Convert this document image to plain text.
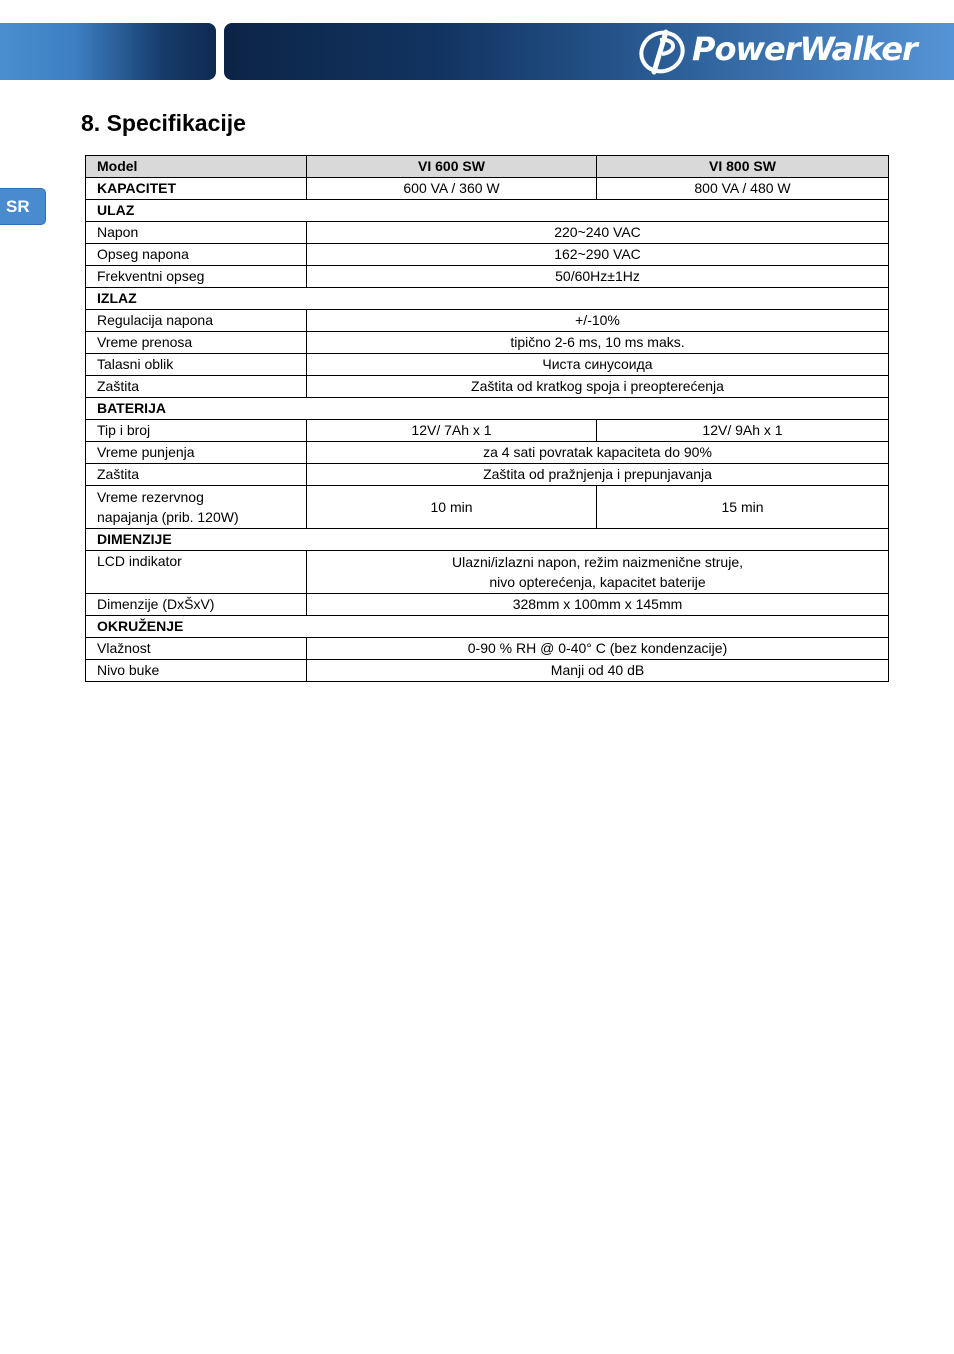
PowerWalker
SR
8. Specifikacije
Model	VI 600 SW	VI 800 SW
KAPACITET	600 VA / 360 W	800 VA / 480 W
ULAZ		
Napon	220~240 VAC	
Opseg napona	162~290 VAC	
Frekventni opseg	50/60Hz±1Hz	
IZLAZ		
Regulacija napona	+/-10%	
Vreme prenosa	tipično 2-6 ms, 10 ms maks.	
Talasni oblik	Чиста синусоида	
Zaštita	Zaštita od kratkog spoja i preopterećenja	
BATERIJA		
Tip i broj	12V/ 7Ah x 1	12V/ 9Ah x 1
Vreme punjenja	za 4 sati povratak kapaciteta do 90%	
Zaštita	Zaštita od pražnjenja i prepunjavanja	

Vreme rezervnog
napajanja (prib. 120W)	10 min	15 min
DIMENZIJE		
LCD indikator	Ulazni/izlazni napon, režim naizmenične struje,
nivo opterećenja, kapacitet baterije	

Dimenzije (DxŠxV)	328mm x 100mm x 145mm	
OKRUŽENJE		
Vlažnost	0-90 % RH @ 0-40° C (bez kondenzacije)	
Nivo buke	Manji od 40 dB	
